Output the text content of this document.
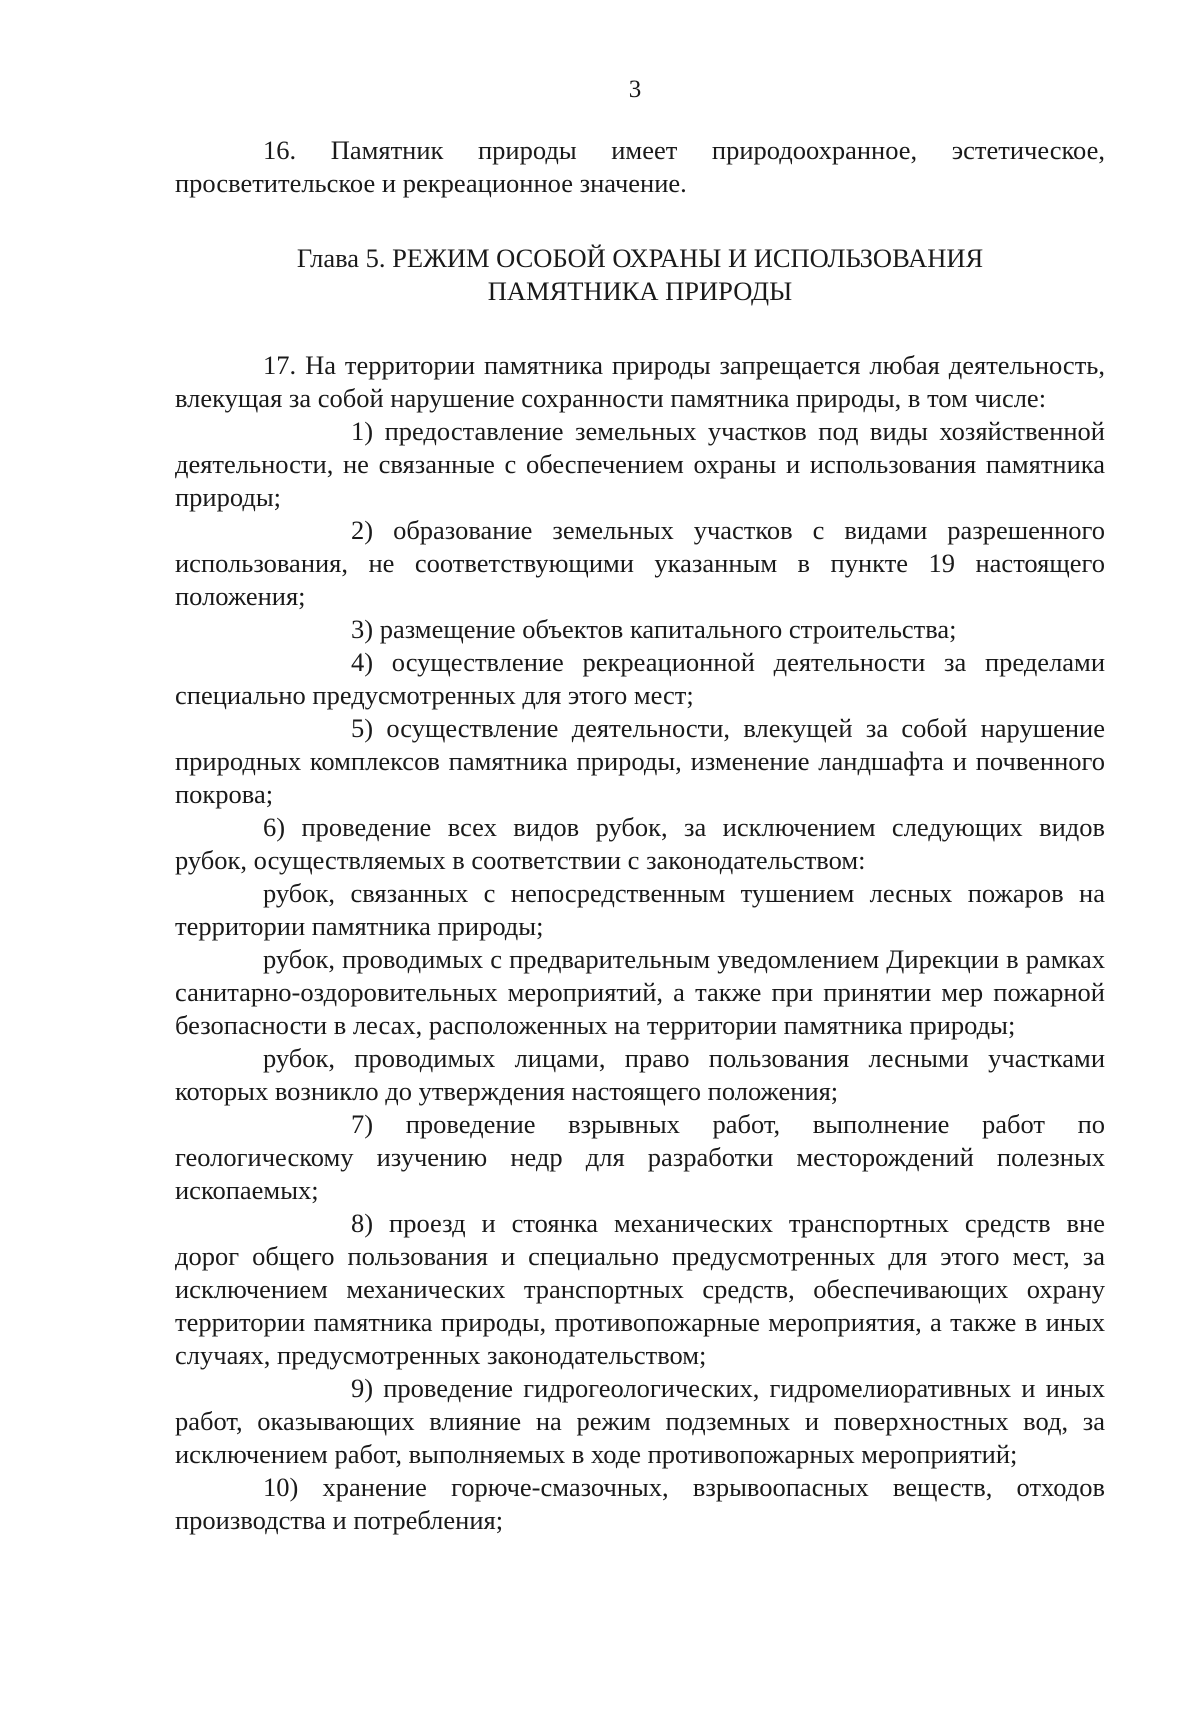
3

16. Памятник природы имеет природоохранное, эстетическое, просветительское и рекреационное значение.

Глава 5. РЕЖИМ ОСОБОЙ ОХРАНЫ И ИСПОЛЬЗОВАНИЯ
ПАМЯТНИКА ПРИРОДЫ

17. На территории памятника природы запрещается любая деятельность, влекущая за собой нарушение сохранности памятника природы, в том числе:

1) предоставление земельных участков под виды хозяйственной деятельности, не связанные с обеспечением охраны и использования памятника природы;

2) образование земельных участков с видами разрешенного использования, не соответствующими указанным в пункте 19 настоящего положения;

3) размещение объектов капитального строительства;

4) осуществление рекреационной деятельности за пределами специально предусмотренных для этого мест;

5) осуществление деятельности, влекущей за собой нарушение природных комплексов памятника природы, изменение ландшафта и почвенного покрова;

6) проведение всех видов рубок, за исключением следующих видов рубок, осуществляемых в соответствии с законодательством:

рубок, связанных с непосредственным тушением лесных пожаров на территории памятника природы;

рубок, проводимых с предварительным уведомлением Дирекции в рамках санитарно-оздоровительных мероприятий, а также при принятии мер пожарной безопасности в лесах, расположенных на территории памятника природы;

рубок, проводимых лицами, право пользования лесными участками которых возникло до утверждения настоящего положения;

7) проведение взрывных работ, выполнение работ по геологическому изучению недр для разработки месторождений полезных ископаемых;

8) проезд и стоянка механических транспортных средств вне дорог общего пользования и специально предусмотренных для этого мест, за исключением механических транспортных средств, обеспечивающих охрану территории памятника природы, противопожарные мероприятия, а также в иных случаях, предусмотренных законодательством;

9) проведение гидрогеологических, гидромелиоративных и иных работ, оказывающих влияние на режим подземных и поверхностных вод, за исключением работ, выполняемых в ходе противопожарных мероприятий;

10) хранение горюче-смазочных, взрывоопасных веществ, отходов производства и потребления;
